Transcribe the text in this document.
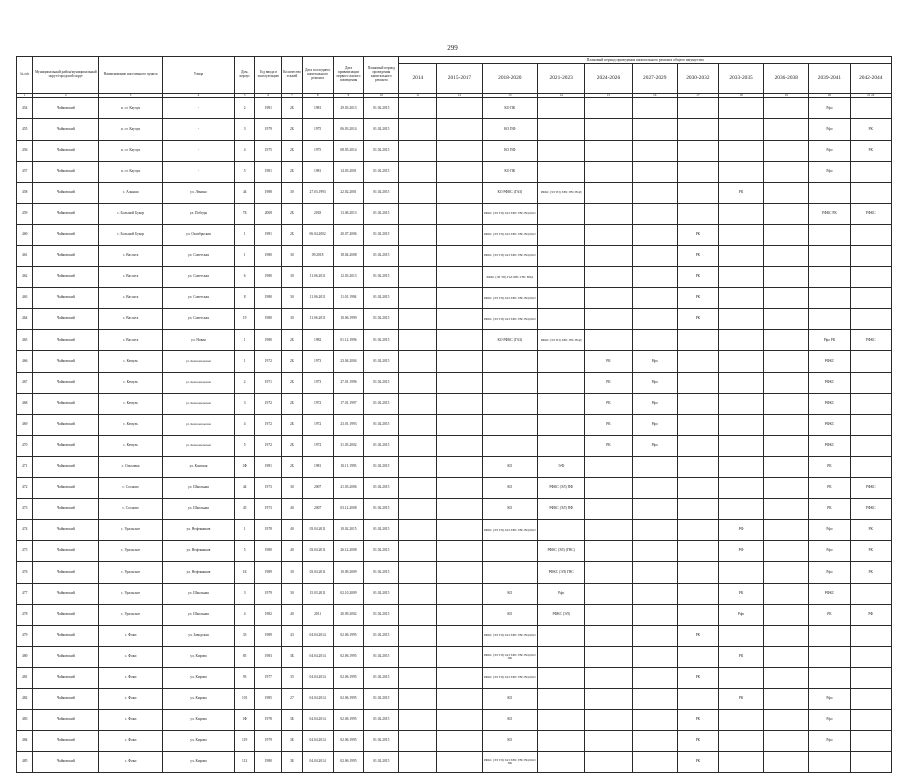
299
№ п/п	Муниципальный район/муниципальный округ/городской округ	Наименование населенного пункта	Улица	Дом, корпус	Год ввода в эксплуатацию	Количество этажей	Дата последнего капитального ремонта	Дата приватизации первого жилого помещения	Плановый период проведения капитального ремонта	Плановый период проведения капитального ремонта общего имущества										
										2014	2015-2017	2018-2020	2021-2023	2024-2026	2027-2029	2030-2032	2033-2035	2036-2038	2039-2041	2042-2044
1	2	3	4	5	6	7	8	9	10	11	12	13	14	15	16	17	18	19	20	21 22
454	Чайковский	п. ст. Каучук	-	2	1981	2Б	1981	29.03.2013	01.02.2015			КО ПК							Рфо	
455	Чайковский	п. ст. Каучук	-	3	1979	2Б	1975	06.03.2014	01.02.2015			КО ПФ							Рфо	РК
456	Чайковский	п. ст. Каучук	-	4	1975	2Б	1975	08.05.2014	01.02.2015			КО ПФ							Рфо	РК
457	Чайковский	п. ст. Каучук	-	5	1981	2Б	1981	14.03.2001	01.02.2015			КО ПК							Рфо	
458	Чайковский	с. Альняш	ул. Ленина	44	1988	30	27.03.1993	22.02.2001	01.02.2015			КО РФКС (ГАЗ)	РФКС (ЭЛ ТП) ХВС ГВС ВОД				РК			
459	Чайковский	с. Большой Букор	ул. Победы	7Б	2008	2Б	2018	13.06.2013	01.02.2015			РФКС (ЭЛ ТП) ГАЗ ХВС ГВС ВОД КО							РФКС РК	РФКС
460	Чайковский	с. Большой Букор	ул. Октябрьская	1	1981	2Б	06.04.2002	20.07.2006	01.02.2015			РФКС (ЭЛ ТП) ГАЗ ХВС ГВС ВОД КО				РК				
461	Чайковский	с. Вассята	ул. Советская	1	1980	30	09.2018	18.04.2008	01.02.2015			РФКС (ЭЛ ТП) ГАЗ ХВС ГВС ВОД КО				РК				
462	Чайковский	с. Вассята	ул. Советская	6	1980	30	11.06.2011	12.03.2013	01.02.2015			РФКС (ЭЛ ТП) ГАЗ ХВС ГВС ВОД				РК				
463	Чайковский	с. Вассята	ул. Советская	8	1980	30	11.06.2011	11.01.1994	01.02.2015			РФКС (ЭЛ ТП) ГАЗ ХВС ГВС ВОД КО				РК				
464	Чайковский	с. Вассята	ул. Советская	19	1980	30	11.06.2011	10.06.1999	01.02.2015			РФКС (ЭЛ ТП) ГАЗ ХВС ГВС ВОД КО				РК				
465	Чайковский	с. Вассята	ул. Новая	1	1980	2Б	1982	01.12.1996	01.02.2015			КО РФКС (ГАЗ)	РФКС (ЭЛ ТП) ХВС ГВС ВОД						Рфо РК	РФКС
466	Чайковский	с. Кемуль	ул. Комсомольская	1	1972	2Б	1973	23.04.2004	01.02.2015					РК	Рфо				РФКС	
467	Чайковский	с. Кемуль	ул. Комсомольская	2	1971	2Б	1973	27.01.1996	01.02.2015					РК	Рфо				РФКС	
468	Чайковский	с. Кемуль	ул. Комсомольская	3	1972	2Б	1972	17.01.1997	01.02.2015					РК	Рфо				РФКС	
469	Чайковский	с. Кемуль	ул. Комсомольская	4	1972	2Б	1972	23.01.1993	01.02.2015					РК	Рфо				РФКС	
470	Чайковский	с. Кемуль	ул. Комсомольская	5	1972	2Б	1972	31.03.2002	01.02.2015					РК	Рфо				РФКС	
471	Чайковский	с. Ольховка	ул. Камская	1Ф	1981	2Б	1981	10.11.1993	01.02.2015			КО	Э/Ф						РК	
472	Чайковский	с. Сосново	ул. Школьная	44	1973	30	2007	21.03.2006	01.02.2015			КО	РФКС (ЭЛ) ПФ						РК	РФКС
473	Чайковский	с. Сосново	ул. Школьная	45	1973	40	2007	03.12.2008	01.02.2015			КО	РФКС (ЭЛ) ПФ						РК	РФКС
474	Чайковский	с. Уральское	ул. Нефтяников	1	1978	40	03.04.2011	10.02.2015	01.02.2015			РФКС (ЭЛ ТП) ГАЗ ХВС ГВС ВОД КО					РФ		Рфо	РК
475	Чайковский	с. Уральское	ул. Нефтяников	5	1980	40	03.04.2011	26.12.2008	01.02.2015				РФКС (ЭЛ) (ГВС)				РФ		Рфо	РК
476	Чайковский	с. Уральское	ул. Нефтяников	1Б	1989	30	03.04.2011	10.09.2009	01.02.2015				РФКС (ЭЛ) ГВС						Рфо	РК
477	Чайковский	с. Уральское	ул. Школьная	3	1979	30	15.03.2011	02.10.2009	01.02.2015			КО	Рфо				РК		РФКС	
478	Чайковский	с. Уральское	ул. Школьная	4	1982	40	2011	20.09.2002	01.02.2015			КО	РФКС (ЭЛ)				Рфо		РК	РФ
479	Чайковский	с. Фоки	ул. Заводская	33	1989	43	04.04.2014	02.06.1995	01.02.2015			РФКС (ЭЛ ТП) ГАЗ ХВС ГВС ВОД КО				РК				
480	Чайковский	с. Фоки	ул. Кирова	85	1983	3Б	04.04.2014	02.06.1995	01.02.2015			РФКС (ЭЛ ТП) ГАЗ ХВС ГВС ВОД КО ПК					РК			
481	Чайковский	с. Фоки	ул. Кирова	93	1977	35	04.04.2014	02.06.1995	01.02.2015			РФКС (ЭЛ ТП) ГАЗ ХВС ГВС ВОД КО				РК				
482	Чайковский	с. Фоки	ул. Кирова	101	1985	27	04.04.2014	02.06.1995	01.02.2015			КО					РК		Рфо	
483	Чайковский	с. Фоки	ул. Кирова	1Ф	1978	3Б	04.04.2014	02.06.1995	01.02.2015			КО				РК			Рфо	
484	Чайковский	с. Фоки	ул. Кирова	119	1979	3Б	04.04.2014	02.06.1995	01.02.2015			КО				РК			Рфо	
485	Чайковский	с. Фоки	ул. Кирова	112	1980	3Б	04.04.2014	02.06.1995	01.02.2015			РФКС (ЭЛ ТП) ГАЗ ХВС ГВС ВОД КО ПК				РК				
